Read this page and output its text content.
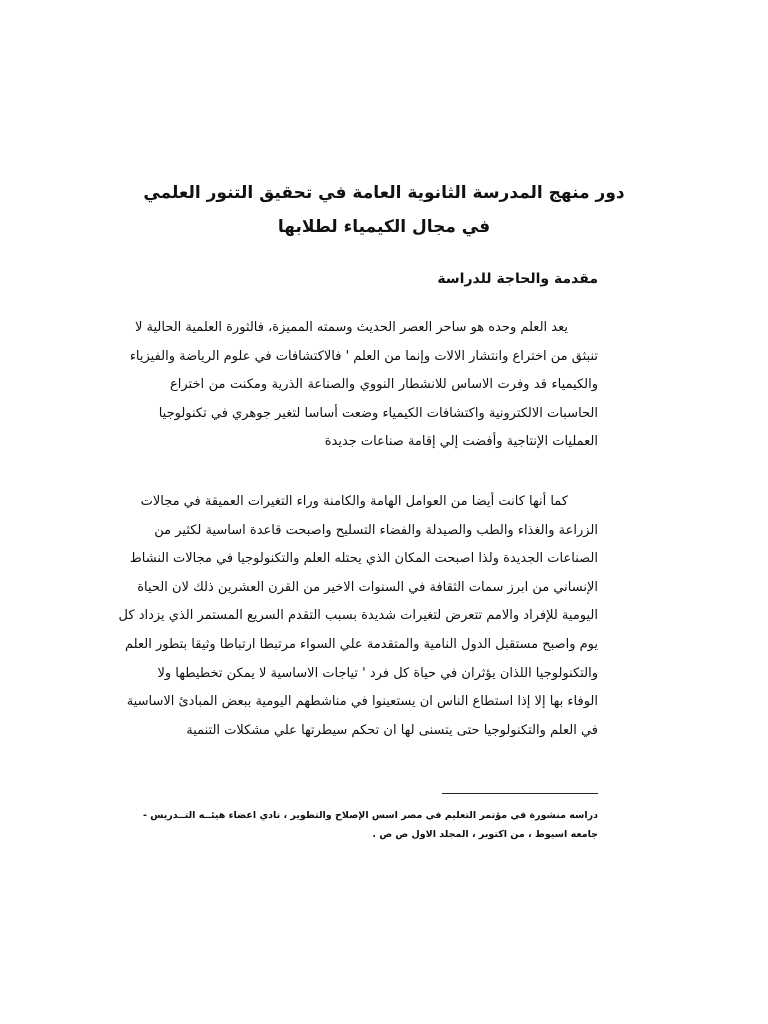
دور منهج المدرسة الثانوية العامة في تحقيق التنور العلمي
في مجال الكيمياء لطلابها
مقدمة والحاجة للدراسة
يعد العلم وحده هو ساحر العصر الحديث وسمته المميزة، فالثورة العلمية الحالية لا
تنبثق من اختراع وانتشار الالات وإنما من العلم ' فالاكتشافات في علوم الرياضة والفيزياء
والكيمياء قد وفرت الاساس للانشطار النووي والصناعة الذرية ومكنت من اختراع
الحاسبات الالكترونية واكتشافات الكيمياء وضعت أساسا لتغير جوهري في تكنولوجيا
العمليات الإنتاجية وأفضت إلي إقامة صناعات جديدة
كما أنها كانت أيضا من العوامل الهامة والكامنة وراء التغيرات العميقة في مجالات
الزراعة والغذاء والطب والصيدلة والفضاء التسليح واصبحت قاعدة اساسية لكثير من
الصناعات الجديدة ولذا اصبحت المكان الذي يحتله العلم والتكنولوجيا في مجالات النشاط
الإنساني من ابرز سمات الثقافة في السنوات الاخير من القرن العشرين ذلك لان الحياة
اليومية للإفراد والامم تتعرض لتغيرات شديدة بسبب التقدم السريع المستمر الذي يزداد كل
يوم واصبح مستقبل الدول النامية والمتقدمة علي السواء مرتبطا ارتباطا وثيقا بتطور العلم
والتكنولوجيا اللذان يؤثران في حياة كل فرد ' تياجات الاساسية لا يمكن تخطيطها ولا
الوفاء بها إلا إذا استطاع الناس ان يستعينوا في مناشطهم اليومية ببعض المبادئ الاساسية
في العلم والتكنولوجيا حتى يتسنى لها ان تحكم سيطرتها علي مشكلات التنمية
دراسه منشورة في مؤتمر التعليم في مصر اسس الإصلاح والتطوير ، نادي اعضاء هيئــه التــدريس -
جامعه اسيوط ، من اكتوبر ، المجلد الاول ص ص .
